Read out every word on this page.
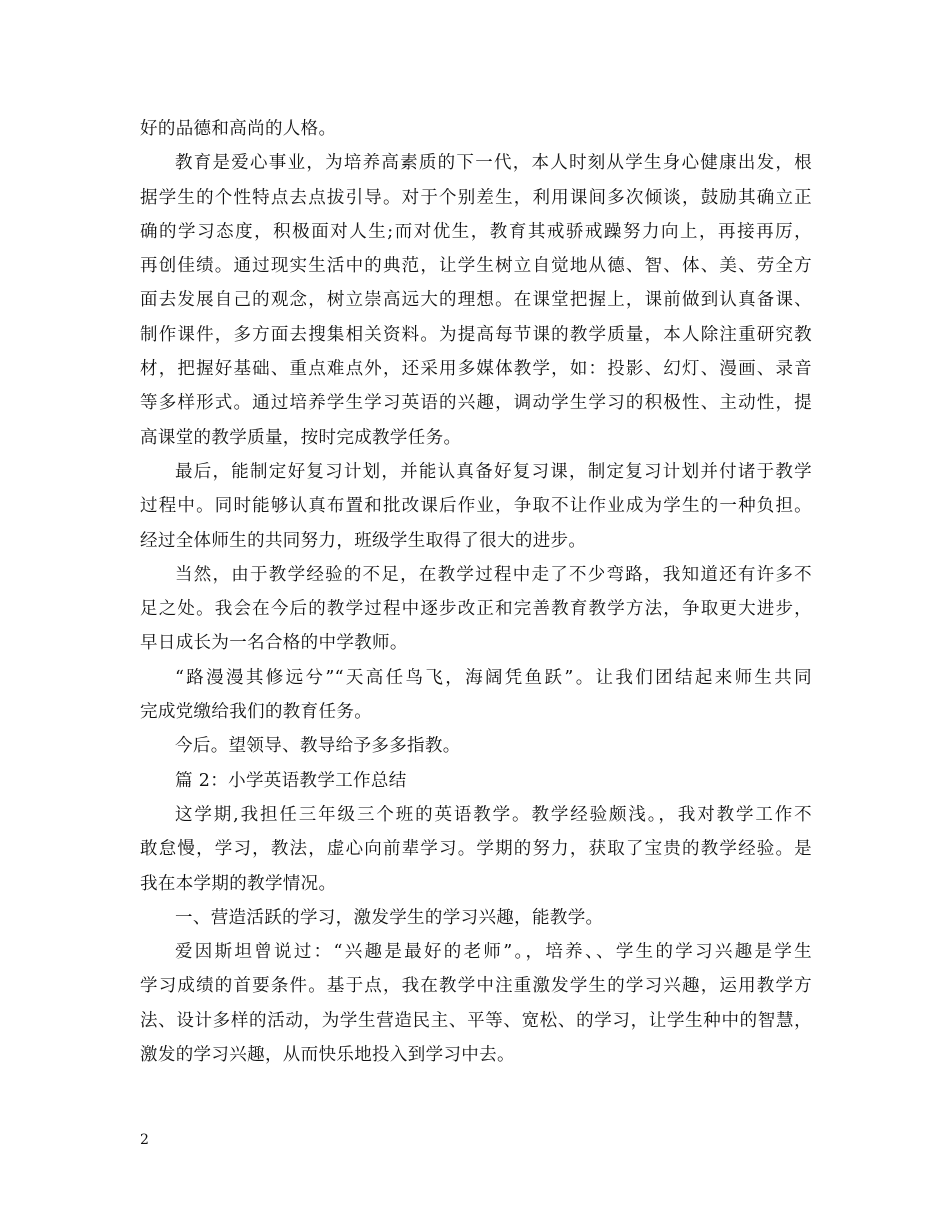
好的品德和高尚的人格。
教育是爱心事业，为培养高素质的下一代，本人时刻从学生身心健康出发，根
据学生的个性特点去点拔引导。对于个别差生，利用课间多次倾谈，鼓励其确立正
确的学习态度，积极面对人生;而对优生，教育其戒骄戒躁努力向上，再接再厉，
再创佳绩。通过现实生活中的典范，让学生树立自觉地从德、智、体、美、劳全方
面去发展自己的观念，树立崇高远大的理想。在课堂把握上，课前做到认真备课、
制作课件，多方面去搜集相关资料。为提高每节课的教学质量，本人除注重研究教
材，把握好基础、重点难点外，还采用多媒体教学，如：投影、幻灯、漫画、录音
等多样形式。通过培养学生学习英语的兴趣，调动学生学习的积极性、主动性，提
高课堂的教学质量，按时完成教学任务。
最后，能制定好复习计划，并能认真备好复习课，制定复习计划并付诸于教学
过程中。同时能够认真布置和批改课后作业，争取不让作业成为学生的一种负担。
经过全体师生的共同努力，班级学生取得了很大的进步。
当然，由于教学经验的不足，在教学过程中走了不少弯路，我知道还有许多不
足之处。我会在今后的教学过程中逐步改正和完善教育教学方法，争取更大进步，
早日成长为一名合格的中学教师。
“路漫漫其修远兮”“天高任鸟飞，海阔凭鱼跃”。让我们团结起来师生共同
完成党缴给我们的教育任务。
今后。望领导、教导给予多多指教。
篇 2：小学英语教学工作总结
这学期,我担任三年级三个班的英语教学。教学经验颇浅。，我对教学工作不
敢怠慢，学习，教法，虚心向前辈学习。学期的努力，获取了宝贵的教学经验。是
我在本学期的教学情况。
一、营造活跃的学习，激发学生的学习兴趣，能教学。
爱因斯坦曾说过：“兴趣是最好的老师”。，培养、、学生的学习兴趣是学生
学习成绩的首要条件。基于点，我在教学中注重激发学生的学习兴趣，运用教学方
法、设计多样的活动，为学生营造民主、平等、宽松、的学习，让学生种中的智慧，
激发的学习兴趣，从而快乐地投入到学习中去。
2
